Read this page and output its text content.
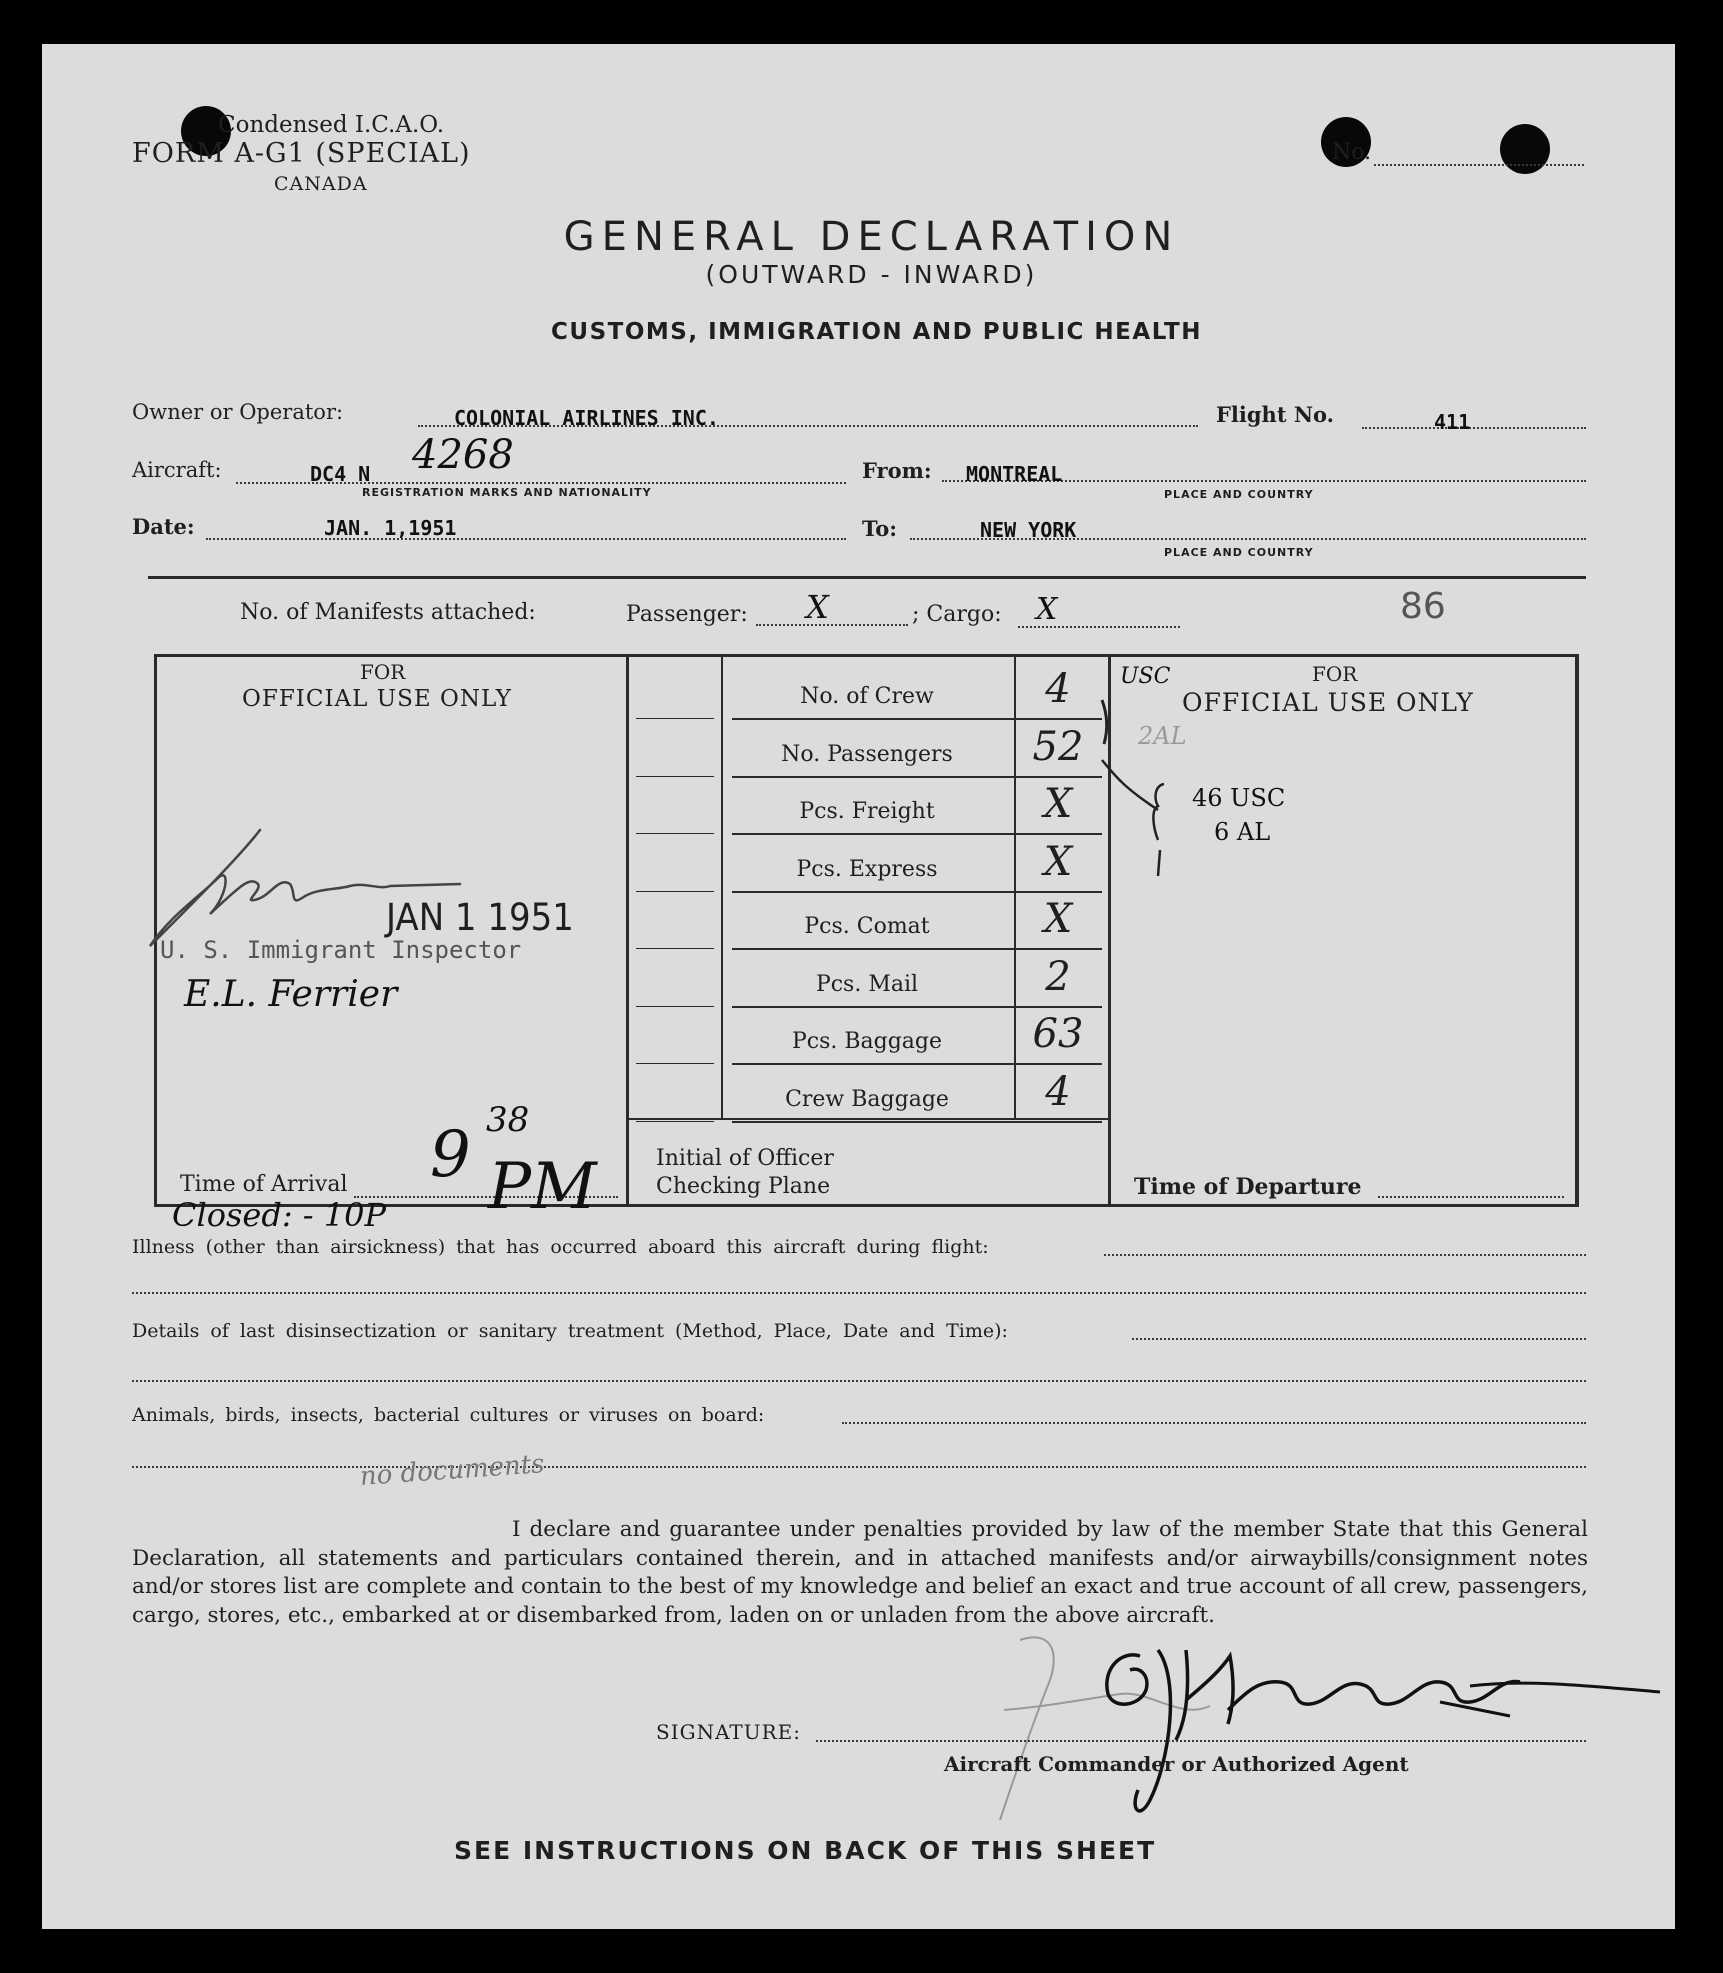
Condensed I.C.A.O.
FORM A-G1 (SPECIAL)
CANADA
No.
GENERAL DECLARATION
(OUTWARD - INWARD)
CUSTOMS, IMMIGRATION AND PUBLIC HEALTH
Owner or Operator:	COLONIAL AIRLINES INC.	Flight No.	411
Aircraft:	DC4 N 4268
REGISTRATION MARKS AND NATIONALITY
From: MONTREAL
PLACE AND COUNTRY
Date:	JAN. 1,1951	To:	NEW YORK
PLACE AND COUNTRY
No. of Manifests attached:	Passenger: X	; Cargo: X	86
FOR
OFFICIAL USE ONLY
JAN 1 1951
U. S. Immigrant Inspector
E.L. Ferrier
Time of Arrival 9 38
PM
Closed: - 10P
No. of Crew	4
No. Passengers	52
Pcs. Freight	X
Pcs. Express	X
Pcs. Comat	X
Pcs. Mail	2
Pcs. Baggage	63
Crew Baggage	4
Initial of Officer
Checking Plane
FOR
OFFICIAL USE ONLY
USC
2AL
46 USC
6 AL
Time of Departure
Illness (other than airsickness) that has occurred aboard this aircraft during flight:
Details of last disinsectization or sanitary treatment (Method, Place, Date and Time):
Animals, birds, insects, bacterial cultures or viruses on board:
no documents

I declare and guarantee under penalties provided by law of the member State that this General Declaration, all statements and particulars contained therein, and in attached manifests and/or airwaybills/consignment notes and/or stores list are complete and contain to the best of my knowledge and belief an exact and true account of all crew, passengers, cargo, stores, etc., embarked at or disembarked from, laden on or unladen from the above aircraft.

SIGNATURE:
Aircraft Commander or Authorized Agent
SEE INSTRUCTIONS ON BACK OF THIS SHEET
